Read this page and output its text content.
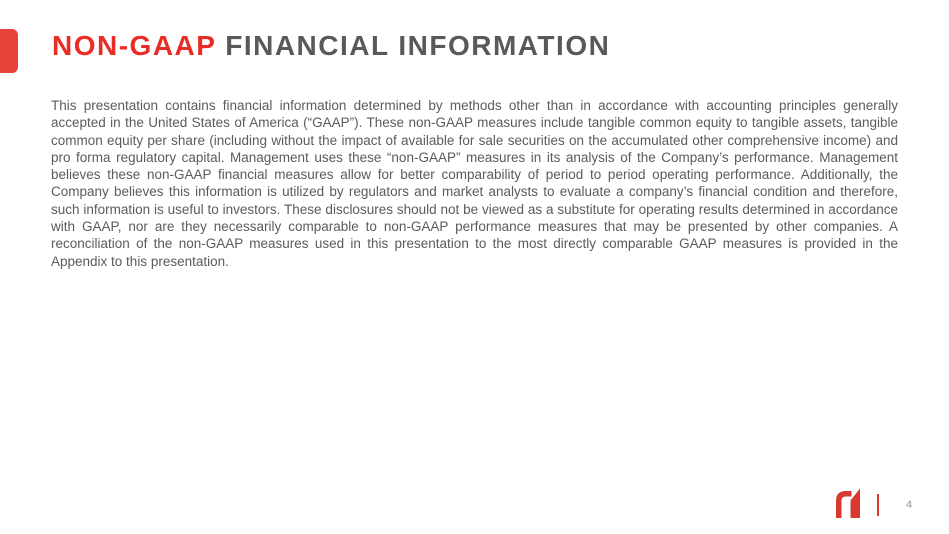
NON-GAAP FINANCIAL INFORMATION

This presentation contains financial information determined by methods other than in accordance with accounting principles generally accepted in the United States of America (“GAAP”). These non-GAAP measures include tangible common equity to tangible assets, tangible common equity per share (including without the impact of available for sale securities on the accumulated other comprehensive income) and pro forma regulatory capital. Management uses these “non-GAAP” measures in its analysis of the Company’s performance. Management believes these non-GAAP financial measures allow for better comparability of period to period operating performance. Additionally, the Company believes this information is utilized by regulators and market analysts to evaluate a company’s financial condition and therefore, such information is useful to investors. These disclosures should not be viewed as a substitute for operating results determined in accordance with GAAP, nor are they necessarily comparable to non-GAAP performance measures that may be presented by other companies. A reconciliation of the non-GAAP measures used in this presentation to the most directly comparable GAAP measures is provided in the Appendix to this presentation.

4
